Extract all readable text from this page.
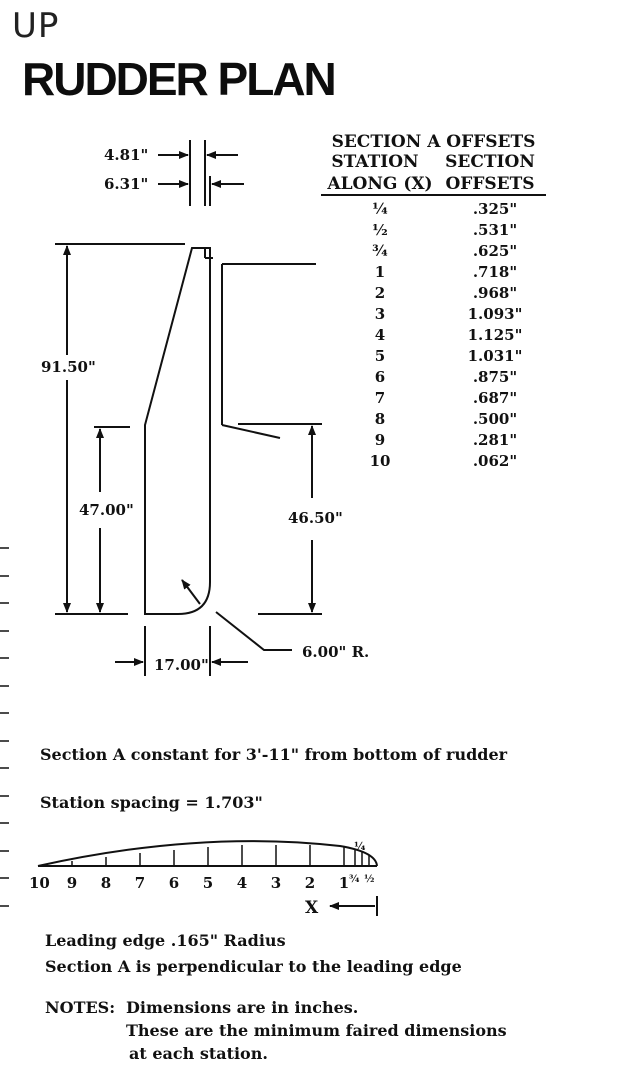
UP
RUDDER PLAN
4.81"
6.31"
91.50"
47.00"	46.50"
17.00"
6.00" R.
SECTION A OFFSETS
STATION
ALONG (X)
SECTION
OFFSETS
¼	.325"
½	.531"
¾	.625"
1	.718"
2	.968"
3	1.093"
4	1.125"
5	1.031"
6	.875"
7	.687"
8	.500"
9	.281"
10	.062"
Section A constant for 3'-11" from bottom of rudder
Station spacing = 1.703"
¼
10 9 8 7 6 5 4 3 2 1 ¾ ½
X
Leading edge .165" Radius
Section A is perpendicular to the leading edge
NOTES: Dimensions are in inches.
These are the minimum faired dimensions
at each station.
